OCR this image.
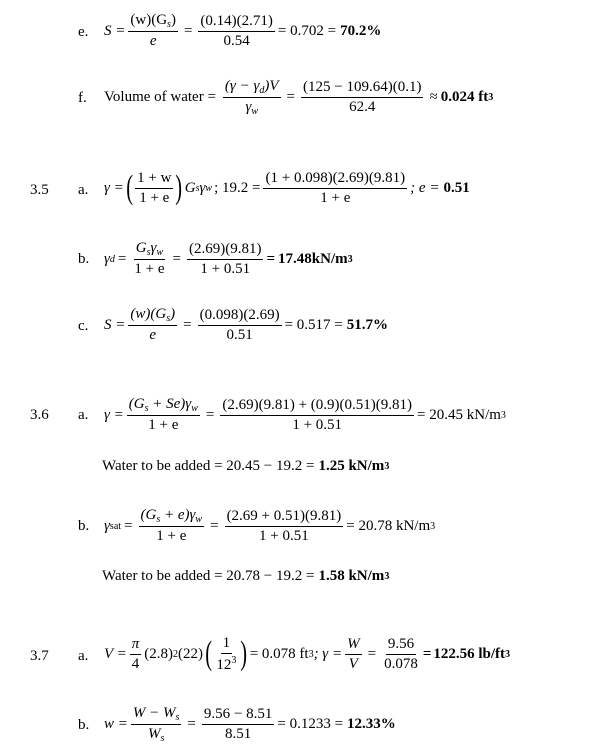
e. $S = \frac{(w)(G_s)}{e} = \frac{(0.14)(2.71)}{0.54} = 0.702 = 70.2\%$
f. Volume of water = $\frac{(\gamma - \gamma_d)V}{\gamma_w} = \frac{(125 - 109.64)(0.1)}{62.4} \approx 0.024$ ft 3
3.5 a. γ = ( $\frac{1 + w}{1 + e}$ ) G s γ w ; $19.2 = \frac{(1 + 0.098)(2.69)(9.81)}{1 + e}$ ; e = 0.51
b. γ $d = \frac{G_s\gamma_w}{1 + e} = \frac{(2.69)(9.81)}{1 + 0.51} = 17.48kN/m$ 3
c. $S = \frac{(w)(G_s)}{e} = \frac{(0.098)(2.69)}{0.51} = 0.517 = 51.7\%$
3.6 a. $\gamma = \frac{(G_s + Se)\gamma_w}{1 + e} = \frac{(2.69)(9.81) + (0.9)(0.51)(9.81)}{1 + 0.51} = 20.45$ kN/m 3
Water to be added = 20.45 − 19.2 = 1.25 kN/m 3
b. γ sat = $\frac{(G_s + e)\gamma_w}{1 + e} = \frac{(2.69 + 0.51)(9.81)}{1 + 0.51} = 20.78$ kN/m 3
Water to be added = 20.78 − 19.2 = 1.58 kN/m 3
3.7 a. $V = \frac{\pi}{4} (2.8)$ 2 (22) ( $\frac{1}{12^3}$ ) = 0.078 ft 3 ; $\gamma = \frac{W}{V} = \frac{9.56}{0.078} = 122.56$ lb/ft 3
b. $w = \frac{W - W_s}{W_s} = \frac{9.56 - 8.51}{8.51} = 0.1233 = 12.33\%$
